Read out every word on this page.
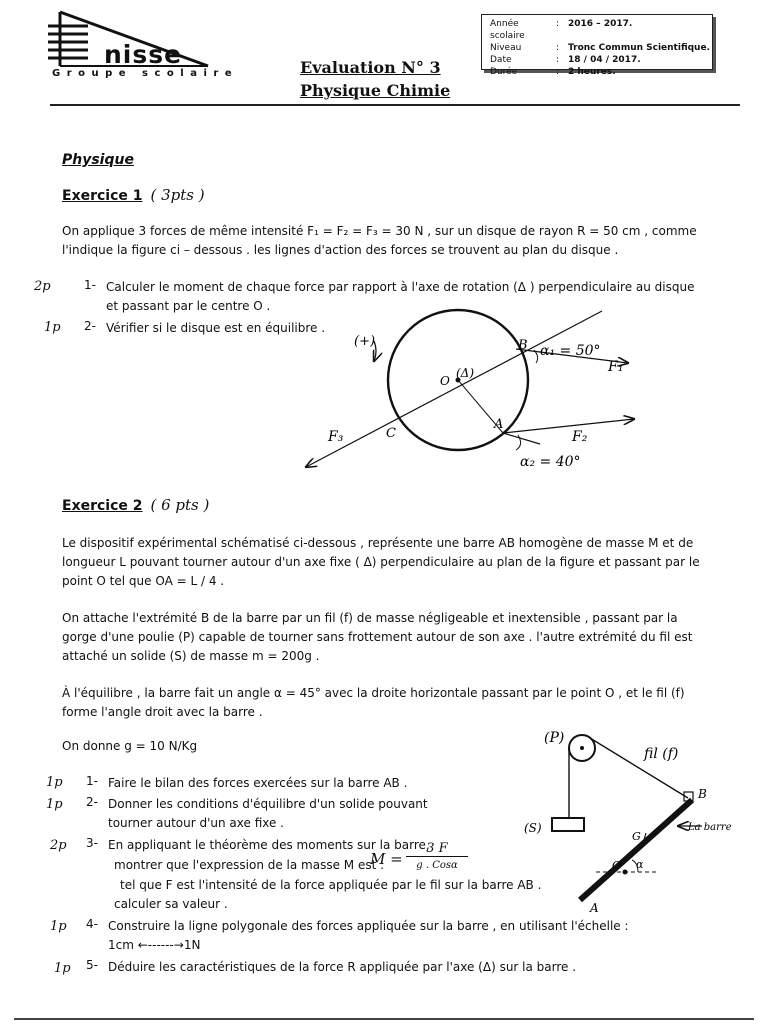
nisse
Groupe scolaire
Année scolaire
: 2016 – 2017.
Niveau	: Tronc Commun Scientifique.
Date	: 18 / 04 / 2017.
Durée	: 2 heures.
Evaluation N° 3
Physique Chimie
Physique
Exercice 1 ( 3pts )
On applique 3 forces de même intensité F₁ = F₂ = F₃ = 30 N , sur un disque de rayon R = 50 cm , comme
l'indique la figure ci – dessous . les lignes d'action des forces se trouvent au plan du disque .
2p	1- Calculer le moment de chaque force par rapport à l'axe de rotation (Δ ) perpendiculaire au disque
et passant par le centre O .
1p 2- Vérifier si le disque est en équilibre .
(+)
O
(Δ)
B
A
C
α₁ = 50°
α₂ = 40°
F₁
F₂
F₃
Exercice 2 ( 6 pts )
Le dispositif expérimental schématisé ci-dessous , représente une barre AB homogène de masse M et de
longueur L pouvant tourner autour d'un axe fixe ( Δ) perpendiculaire au plan de la figure et passant par le
point O tel que OA = L / 4 .
On attache l'extrémité B de la barre par un fil (f) de masse négligeable et inextensible , passant par la
gorge d'une poulie (P) capable de tourner sans frottement autour de son axe . l'autre extrémité du fil est
attaché un solide (S) de masse m = 200g .
À l'équilibre , la barre fait un angle α = 45° avec la droite horizontale passant par le point O , et le fil (f)
forme l'angle droit avec la barre .
On donne g = 10 N/Kg
1p 1- Faire le bilan des forces exercées sur la barre AB .
1p 2- Donner les conditions d'équilibre d'un solide pouvant
tourner autour d'un axe fixe .
2p 3- En appliquant le théorème des moments sur la barre,
montrer que l'expression de la masse M est :
M =
3 F
g . Cosα
tel que F est l'intensité de la force appliquée par le fil sur la barre AB .
calculer sa valeur .
1p 4- Construire la ligne polygonale des forces appliquée sur la barre , en utilisant l'échelle :
1cm ←------→1N
1p 5- Déduire les caractéristiques de la force R appliquée par l'axe (Δ) sur la barre .
(P)
fil (f)
(S)
B
G
O
A
α
La barre
